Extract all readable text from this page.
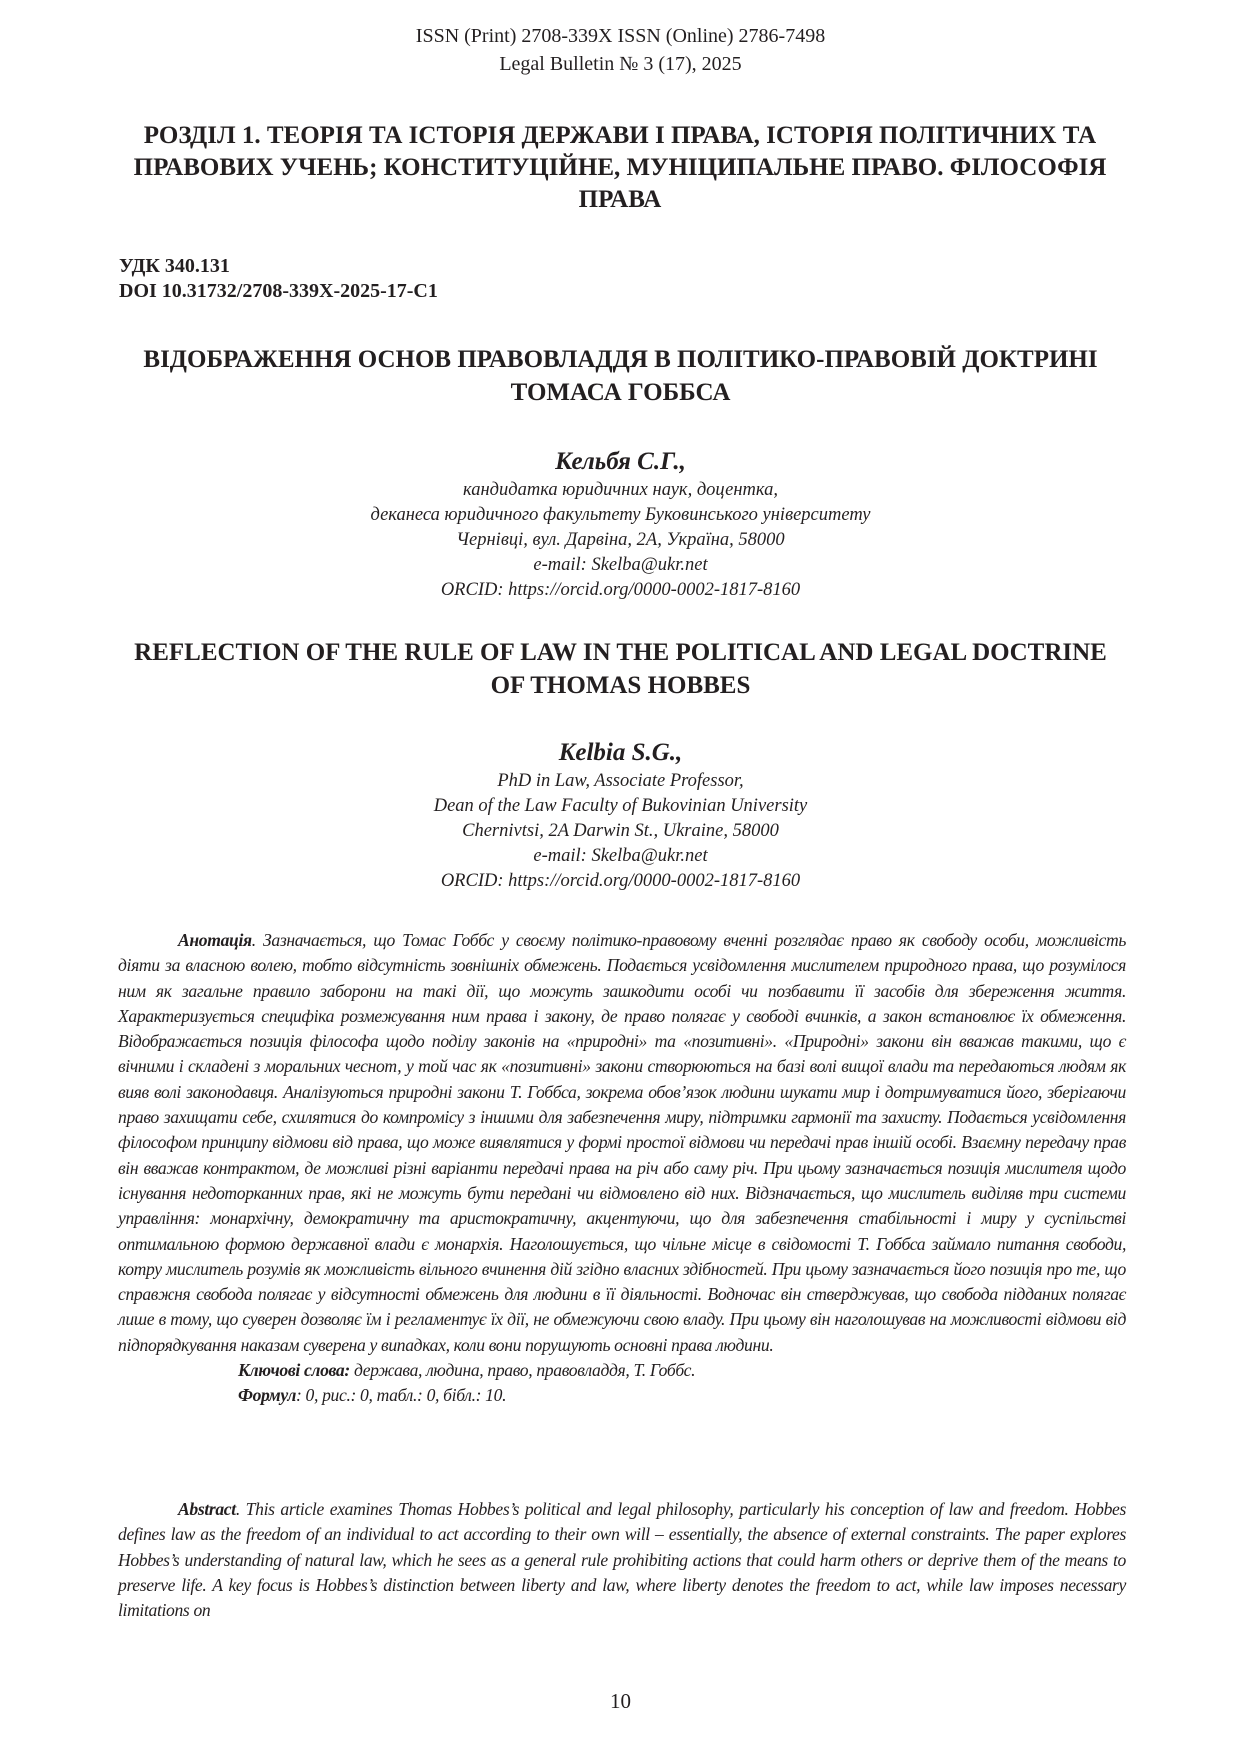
ISSN (Print) 2708-339X ISSN (Online) 2786-7498
Legal Bulletin № 3 (17), 2025
РОЗДІЛ 1. ТЕОРІЯ ТА ІСТОРІЯ ДЕРЖАВИ І ПРАВА, ІСТОРІЯ ПОЛІТИЧНИХ ТА ПРАВОВИХ УЧЕНЬ; КОНСТИТУЦІЙНЕ, МУНІЦИПАЛЬНЕ ПРАВО. ФІЛОСОФІЯ ПРАВА
УДК 340.131
DOI 10.31732/2708-339X-2025-17-C1
ВІДОБРАЖЕННЯ ОСНОВ ПРАВОВЛАДДЯ В ПОЛІТИКО-ПРАВОВІЙ ДОКТРИНІ ТОМАСА ГОББСА
Кельбя С.Г.,
кандидатка юридичних наук, доцентка,
деканеса юридичного факультету Буковинського університету
Чернівці, вул. Дарвіна, 2А, Україна, 58000
e-mail: Skelba@ukr.net
ORCID: https://orcid.org/0000-0002-1817-8160
REFLECTION OF THE RULE OF LAW IN THE POLITICAL AND LEGAL DOCTRINE OF THOMAS HOBBES
Kelbia S.G.,
PhD in Law, Associate Professor,
Dean of the Law Faculty of Bukovinian University
Chernivtsi, 2A Darwin St., Ukraine, 58000
e-mail: Skelba@ukr.net
ORCID: https://orcid.org/0000-0002-1817-8160

Анотація. Зазначається, що Томас Гоббс у своєму політико-правовому вченні розглядає право як свободу особи, можливість діяти за власною волею, тобто відсутність зовнішніх обмежень. Подається усвідомлення мислителем природного права, що розумілося ним як загальне правило заборони на такі дії, що можуть зашкодити особі чи позбавити її засобів для збереження життя. Характеризується специфіка розмежування ним права і закону, де право полягає у свободі вчинків, а закон встановлює їх обмеження. Відображається позиція філософа щодо поділу законів на «природні» та «позитивні». «Природні» закони він вважав такими, що є вічними і складені з моральних чеснот, у той час як «позитивні» закони створюються на базі волі вищої влади та передаються людям як вияв волі законодавця. Аналізуються природні закони Т. Гоббса, зокрема обов’язок людини шукати мир і дотримуватися його, зберігаючи право захищати себе, схилятися до компромісу з іншими для забезпечення миру, підтримки гармонії та захисту. Подається усвідомлення філософом принципу відмови від права, що може виявлятися у формі простої відмови чи передачі прав іншій особі. Взаємну передачу прав він вважав контрактом, де можливі різні варіанти передачі права на річ або саму річ. При цьому зазначається позиція мислителя щодо існування недоторканних прав, які не можуть бути передані чи відмовлено від них. Відзначається, що мислитель виділяв три системи управління: монархічну, демократичну та аристократичну, акцентуючи, що для забезпечення стабільності і миру у суспільстві оптимальною формою державної влади є монархія. Наголошується, що чільне місце в свідомості Т. Гоббса займало питання свободи, котру мислитель розумів як можливість вільного вчинення дій згідно власних здібностей. При цьому зазначається його позиція про те, що справжня свобода полягає у відсутності обмежень для людини в її діяльності. Водночас він стверджував, що свобода підданих полягає лише в тому, що суверен дозволяє їм і регламентує їх дії, не обмежуючи свою владу. При цьому він наголошував на можливості відмови від підпорядкування наказам суверена у випадках, коли вони порушують основні права людини.

Ключові слова: держава, людина, право, правовладдя, Т. Гоббс.

Формул: 0, рис.: 0, табл.: 0, бібл.: 10.

Abstract. This article examines Thomas Hobbes’s political and legal philosophy, particularly his conception of law and freedom. Hobbes defines law as the freedom of an individual to act according to their own will – essentially, the absence of external constraints. The paper explores Hobbes’s understanding of natural law, which he sees as a general rule prohibiting actions that could harm others or deprive them of the means to preserve life. A key focus is Hobbes’s distinction between liberty and law, where liberty denotes the freedom to act, while law imposes necessary limitations on

10
